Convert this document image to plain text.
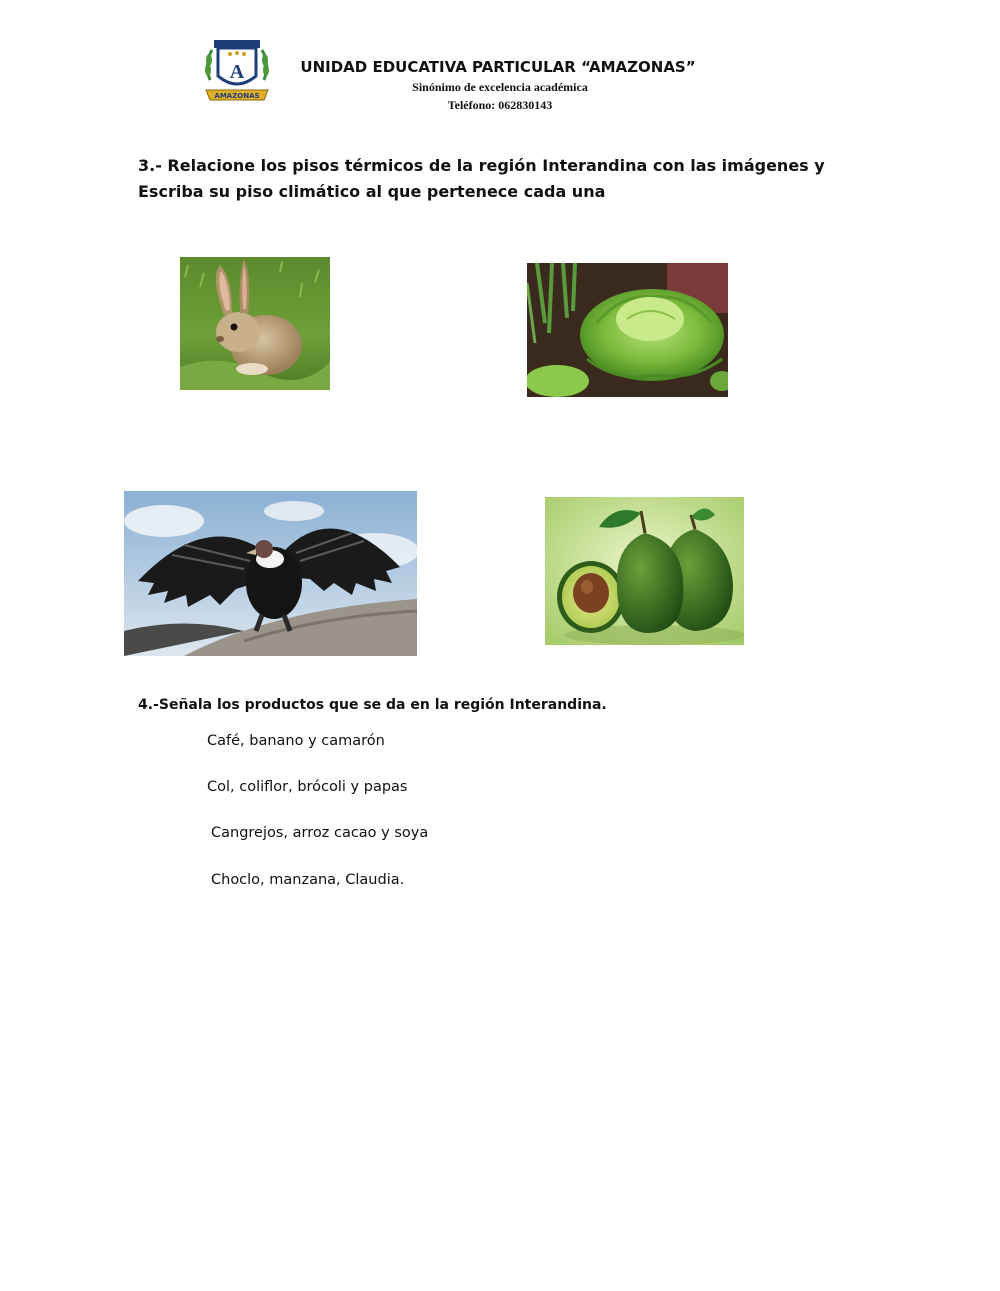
A
AMAZONAS
UNIDAD EDUCATIVA PARTICULAR “AMAZONAS”
Sinónimo de excelencia académica
Teléfono: 062830143
3.- Relacione los pisos térmicos de la región Interandina con las imágenes y Escriba su piso climático al que pertenece cada una
4.-Señala los productos que se da en la región Interandina.
Café, banano y camarón
Col, coliflor, brócoli y papas
Cangrejos, arroz cacao y soya
Choclo, manzana, Claudia.
